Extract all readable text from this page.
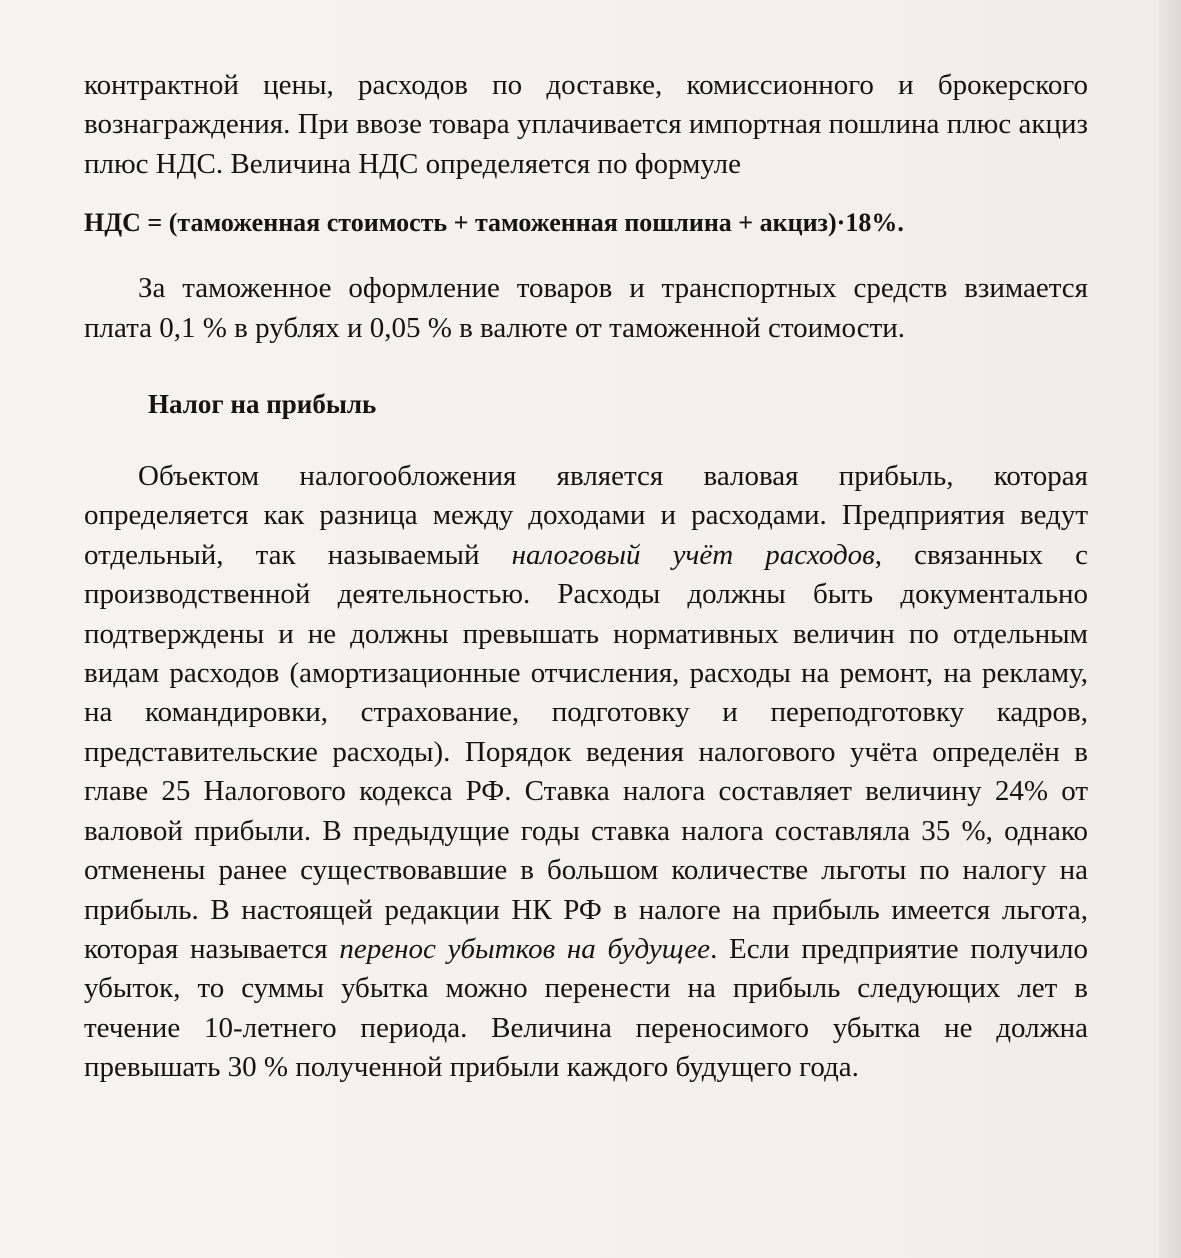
контрактной цены, расходов по доставке, комиссионного и брокерского вознаграждения. При ввозе товара уплачивается импортная пошлина плюс акциз плюс НДС. Величина НДС определяется по формуле

НДС = (таможенная стоимость + таможенная пошлина + акциз)·18%.

За таможенное оформление товаров и транспортных средств взимается плата 0,1 % в рублях и 0,05 % в валюте от таможенной стоимости.

Налог на прибыль

Объектом налогообложения является валовая прибыль, которая определяется как разница между доходами и расходами. Предприятия ведут отдельный, так называемый налоговый учёт расходов, связанных с производственной деятельностью. Расходы должны быть документально подтверждены и не должны превышать нормативных величин по отдельным видам расходов (амортизационные отчисления, расходы на ремонт, на рекламу, на командировки, страхование, подготовку и переподготовку кадров, представительские расходы). Порядок ведения налогового учёта определён в главе 25 Налогового кодекса РФ. Ставка налога составляет величину 24% от валовой прибыли. В предыдущие годы ставка налога составляла 35 %, однако отменены ранее существовавшие в большом количестве льготы по налогу на прибыль. В настоящей редакции НК РФ в налоге на прибыль имеется льгота, которая называется перенос убытков на будущее. Если предприятие получило убыток, то суммы убытка можно перенести на прибыль следующих лет в течение 10-летнего периода. Величина переносимого убытка не должна превышать 30 % полученной прибыли каждого будущего года.
